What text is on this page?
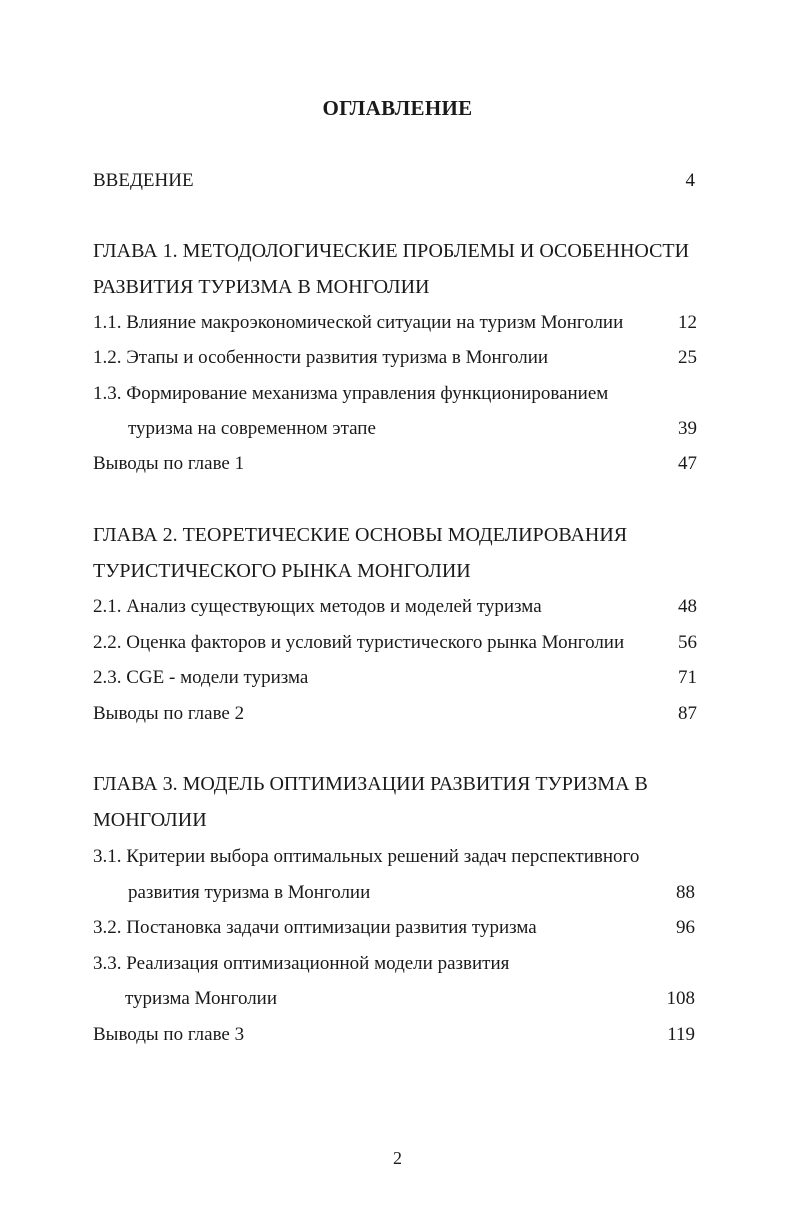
ОГЛАВЛЕНИЕ
ВВЕДЕНИЕ	4
ГЛАВА 1. МЕТОДОЛОГИЧЕСКИЕ ПРОБЛЕМЫ И ОСОБЕННОСТИ
РАЗВИТИЯ ТУРИЗМА В МОНГОЛИИ
1.1. Влияние макроэкономической ситуации на туризм Монголии	12
1.2. Этапы и особенности развития туризма в Монголии	25
1.3. Формирование механизма управления функционированием
туризма на современном этапе	39
Выводы по главе 1	47
ГЛАВА 2. ТЕОРЕТИЧЕСКИЕ ОСНОВЫ МОДЕЛИРОВАНИЯ
ТУРИСТИЧЕСКОГО РЫНКА МОНГОЛИИ
2.1. Анализ существующих методов и моделей туризма	48
2.2. Оценка факторов и условий туристического рынка Монголии	56
2.3. CGE - модели туризма	71
Выводы по главе 2	87
ГЛАВА 3. МОДЕЛЬ ОПТИМИЗАЦИИ РАЗВИТИЯ ТУРИЗМА В
МОНГОЛИИ
3.1. Критерии выбора оптимальных решений задач перспективного
развития туризма в Монголии	88
3.2. Постановка задачи оптимизации развития туризма	96
3.3. Реализация оптимизационной модели развития
туризма Монголии	108
Выводы по главе 3	119
2
